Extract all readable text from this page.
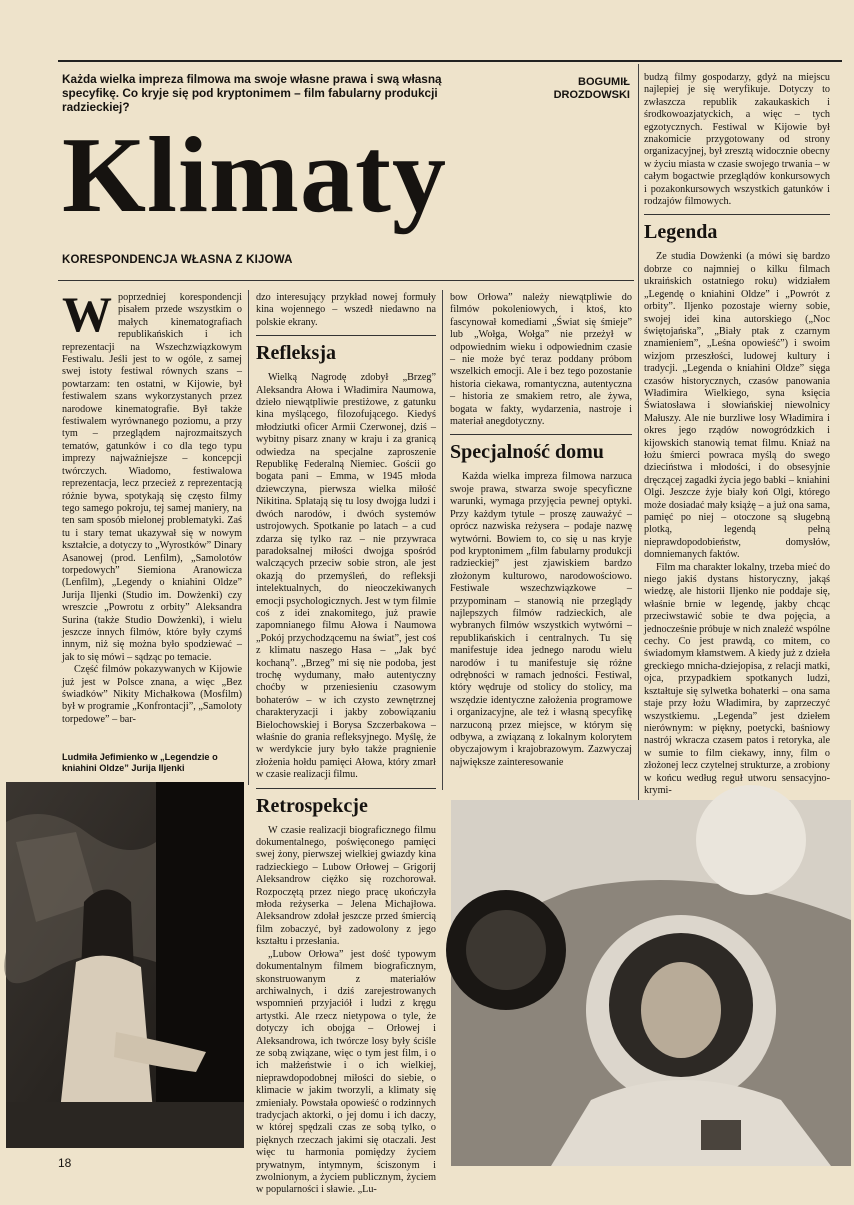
Każda wielka impreza filmowa ma swoje własne prawa i swą własną specyfikę. Co kryje się pod kryptonimem – film fabularny produkcji radzieckiej?
BOGUMIŁ DROZDOWSKI
Klimaty
KORESPONDENCJA WŁASNA Z KIJOWA

Wpoprzedniej korespondencji pisałem przede wszystkim o małych kinematografiach republikańskich i ich reprezentacji na Wszechzwiązkowym Festiwalu. Jeśli jest to w ogóle, z samej swej istoty festiwal równych szans – powtarzam: ten ostatni, w Kijowie, był festiwalem szans wykorzystanych przez narodowe kinematografie. Był także festiwalem wyrównanego poziomu, a przy tym – przeglądem najrozmaitszych tematów, gatunków i co dla tego typu imprezy najważniejsze – koncepcji twórczych. Wiadomo, festiwalowa reprezentacja, lecz przecież z reprezentacją różnie bywa, spotykają się często filmy tego samego pokroju, tej samej maniery, na ten sam sposób mielonej problematyki. Zaś tu i stary temat ukazywał się w nowym kształcie, a dotyczy to „Wyrostków” Dinary Asanowej (prod. Lenfilm), „Samolotów torpedowych” Siemiona Aranowicza (Lenfilm), „Legendy o kniahini Oldze” Jurija Iljenki (Studio im. Dowżenki) czy wreszcie „Powrotu z orbity” Aleksandra Surina (także Studio Dowżenki), i wielu jeszcze innych filmów, które były czymś innym, niż się można było spodziewać – jak to się mówi – sądząc po temacie.

Część filmów pokazywanych w Kijowie już jest w Polsce znana, a więc „Bez świadków” Nikity Michałkowa (Mosfilm) był w programie „Konfrontacji”, „Samoloty torpedowe” – bar-

dzo interesujący przykład nowej formuły kina wojennego – wszedł niedawno na polskie ekrany.

Refleksja

Wielką Nagrodę zdobył „Brzeg” Aleksandra Ałowa i Władimira Naumowa, dzieło niewątpliwie prestiżowe, z gatunku kina myślącego, filozofującego. Kiedyś młodziutki oficer Armii Czerwonej, dziś – wybitny pisarz znany w kraju i za granicą odwiedza na specjalne zaproszenie Republikę Federalną Niemiec. Gościi go bogata pani – Emma, w 1945 młoda dziewczyna, pierwsza wielka miłość Nikitina. Splatają się tu losy dwojga ludzi i dwóch narodów, i dwóch systemów ustrojowych. Spotkanie po latach – a cud zdarza się tylko raz – nie przywraca paradoksalnej miłości dwojga spośród walczących przeciw sobie stron, ale jest okazją do przemyśleń, do refleksji intelektualnych, do nieoczekiwanych emocji psychologicznych. Jest w tym filmie coś z idei znakomitego, już prawie zapomnianego filmu Ałowa i Naumowa „Pokój przychodzącemu na świat”, jest coś z klimatu naszego Hasa – „Jak być kochaną”. „Brzeg” mi się nie podoba, jest trochę wydumany, mało autentyczny choćby w przeniesieniu czasowym bohaterów – w ich czysto zewnętrznej charakteryzacji i jakby zobowiązaniu Bielochowskiej i Borysa Szczerbakowa – właśnie do grania refleksyjnego. Myślę, że w werdykcie jury było także pragnienie złożenia hołdu pamięci Ałowa, który zmarł w czasie realizacji filmu.

Retrospekcje

W czasie realizacji biograficznego filmu dokumentalnego, poświęconego pamięci swej żony, pierwszej wielkiej gwiazdy kina radzieckiego – Lubow Orłowej – Grigorij Aleksandrow ciężko się rozchorował. Rozpoczętą przez niego pracę ukończyła młoda reżyserka – Jelena Michajłowa. Aleksandrow zdołał jeszcze przed śmiercią film zobaczyć, był zadowolony z jego kształtu i przesłania.

„Lubow Orłowa” jest dość typowym dokumentalnym filmem biograficznym, skonstruowanym z materiałów archiwalnych, i dziś zarejestrowanych wspomnień przyjaciół i ludzi z kręgu artystki. Ale rzecz nietypowa o tyle, że dotyczy ich obojga – Orłowej i Aleksandrowa, ich twórcze losy były ściśle ze sobą związane, więc o tym jest film, i o ich małżeństwie i o ich wielkiej, nieprawdopodobnej miłości do siebie, o klimacie w jakim tworzyli, a klimaty się zmieniały. Powstała opowieść o rodzinnych tradycjach aktorki, o jej domu i ich daczy, w której spędzali czas ze sobą tylko, o pięknych rzeczach jakimi się otaczali. Jest więc tu harmonia pomiędzy życiem prywatnym, intymnym, ściszonym i zwolnionym, a życiem publicznym, życiem w popularności i sławie. „Lu-

bow Orłowa” należy niewątpliwie do filmów pokoleniowych, i ktoś, kto fascynował komediami „Świat się śmieje” lub „Wołga, Wołga” nie przeżył w odpowiednim wieku i odpowiednim czasie – nie może być teraz poddany próbom wszelkich emocji. Ale i bez tego pozostanie historia ciekawa, romantyczna, autentyczna – historia ze smakiem retro, ale żywa, bogata w fakty, wydarzenia, nastroje i materiał anegdotyczny.

Specjalność domu

Każda wielka impreza filmowa narzuca swoje prawa, stwarza swoje specyficzne warunki, wymaga przyjęcia pewnej optyki. Przy każdym tytule – proszę zauważyć – oprócz nazwiska reżysera – podaje nazwę wytwórni. Bowiem to, co się u nas kryje pod kryptonimem „film fabularny produkcji radzieckiej” jest zjawiskiem bardzo złożonym kulturowo, narodowościowo. Festiwale wszechzwiązkowe – przypominam – stanowią nie przeglądy najlepszych filmów radzieckich, ale wybranych filmów wszystkich wytwórni – republikańskich i centralnych. Tu się manifestuje idea jednego narodu wielu narodów i tu manifestuje się różne odrębności w ramach jedności. Festiwal, który wędruje od stolicy do stolicy, ma wszędzie identyczne założenia programowe i organizacyjne, ale też i własną specyfikę narzuconą przez miejsce, w którym się odbywa, a związaną z lokalnym kolorytem obyczajowym i krajobrazowym. Zazwyczaj największe zainteresowanie

budzą filmy gospodarzy, gdyż na miejscu najlepiej je się weryfikuje. Dotyczy to zwłaszcza republik zakaukaskich i środkowoazjatyckich, a więc – tych egzotycznych. Festiwal w Kijowie był znakomicie przygotowany od strony organizacyjnej, był zresztą widocznie obecny w życiu miasta w czasie swojego trwania – w całym bogactwie przeglądów konkursowych i pozakonkursowych wszystkich gatunków i rodzajów filmowych.

Legenda

Ze studia Dowżenki (a mówi się bardzo dobrze co najmniej o kilku filmach ukraińskich ostatniego roku) widziałem „Legendę o kniahini Oldze” i „Powrót z orbity”. Iljenko pozostaje wierny sobie, swojej idei kina autorskiego („Noc świętojańska”, „Biały ptak z czarnym znamieniem”, „Leśna opowieść”) i swoim wizjom przeszłości, ludowej kultury i tradycji. „Legenda o kniahini Oldze” sięga czasów historycznych, czasów panowania Władimira Wielkiego, syna księcia Światosława i słowiańskiej niewolnicy Małuszy. Ale nie burzliwe losy Władimira i okres jego rządów nowogródzkich i kijowskich stanowią temat filmu. Kniaź na łożu śmierci powraca myślą do swego dzieciństwa i młodości, i do obsesyjnie dręczącej zagadki życia jego babki – kniahini Olgi. Jeszcze żyje biały koń Olgi, którego może dosiadać mały książę – a już ona sama, pamięć po niej – otoczone są sługebną plotką, legendą pełną nieprawdopodobieństw, domysłów, domniemanych faktów.

Film ma charakter lokalny, trzeba mieć do niego jakiś dystans historyczny, jakąś wiedzę, ale historii Iljenko nie poddaje się, właśnie brnie w legendę, jakby chcąc przeciwstawić sobie te dwa pojęcia, a jednocześnie próbuje w nich znaleźć wspólne cechy. Co jest prawdą, co mitem, co świadomym kłamstwem. A kiedy już z dzieła greckiego mnicha-dziejopisa, z relacji matki, ojca, przypadkiem spotkanych ludzi, kształtuje się sylwetka bohaterki – ona sama staje przy łożu Władimira, by zaprzeczyć wszystkiemu. „Legenda” jest dziełem nierównym: w piękny, poetycki, baśniowy nastrój wkracza czasem patos i retoryka, ale w sumie to film ciekawy, inny, film o złożonej lecz czytelnej strukturze, a zrobiony w końcu według reguł utworu sensacyjno-krymi-

Ludmiła Jefimienko w „Legendzie o kniahini Oldze” Jurija Iljenki
18
